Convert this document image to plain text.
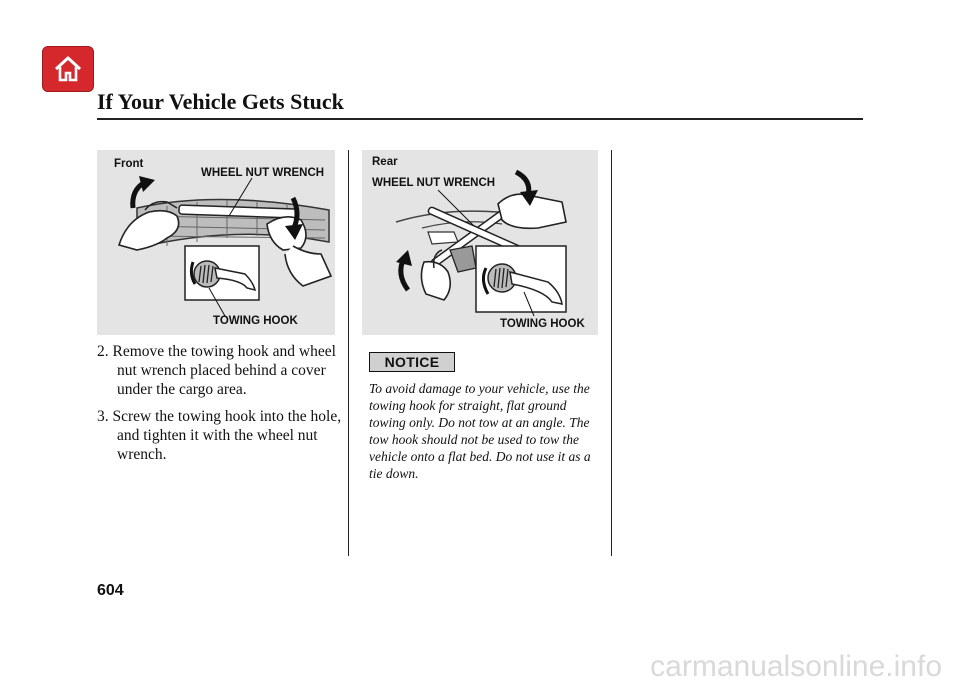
If Your Vehicle Gets Stuck
Front
WHEEL NUT WRENCH
TOWING HOOK
Rear
WHEEL NUT WRENCH
TOWING HOOK

2. Remove the towing hook and wheel nut wrench placed behind a cover under the cargo area.

3. Screw the towing hook into the hole, and tighten it with the wheel nut wrench.

NOTICE
To avoid damage to your vehicle, use the towing hook for straight, flat ground towing only. Do not tow at an angle. The tow hook should not be used to tow the vehicle onto a flat bed. Do not use it as a tie down.
604
carmanualsonline.info
